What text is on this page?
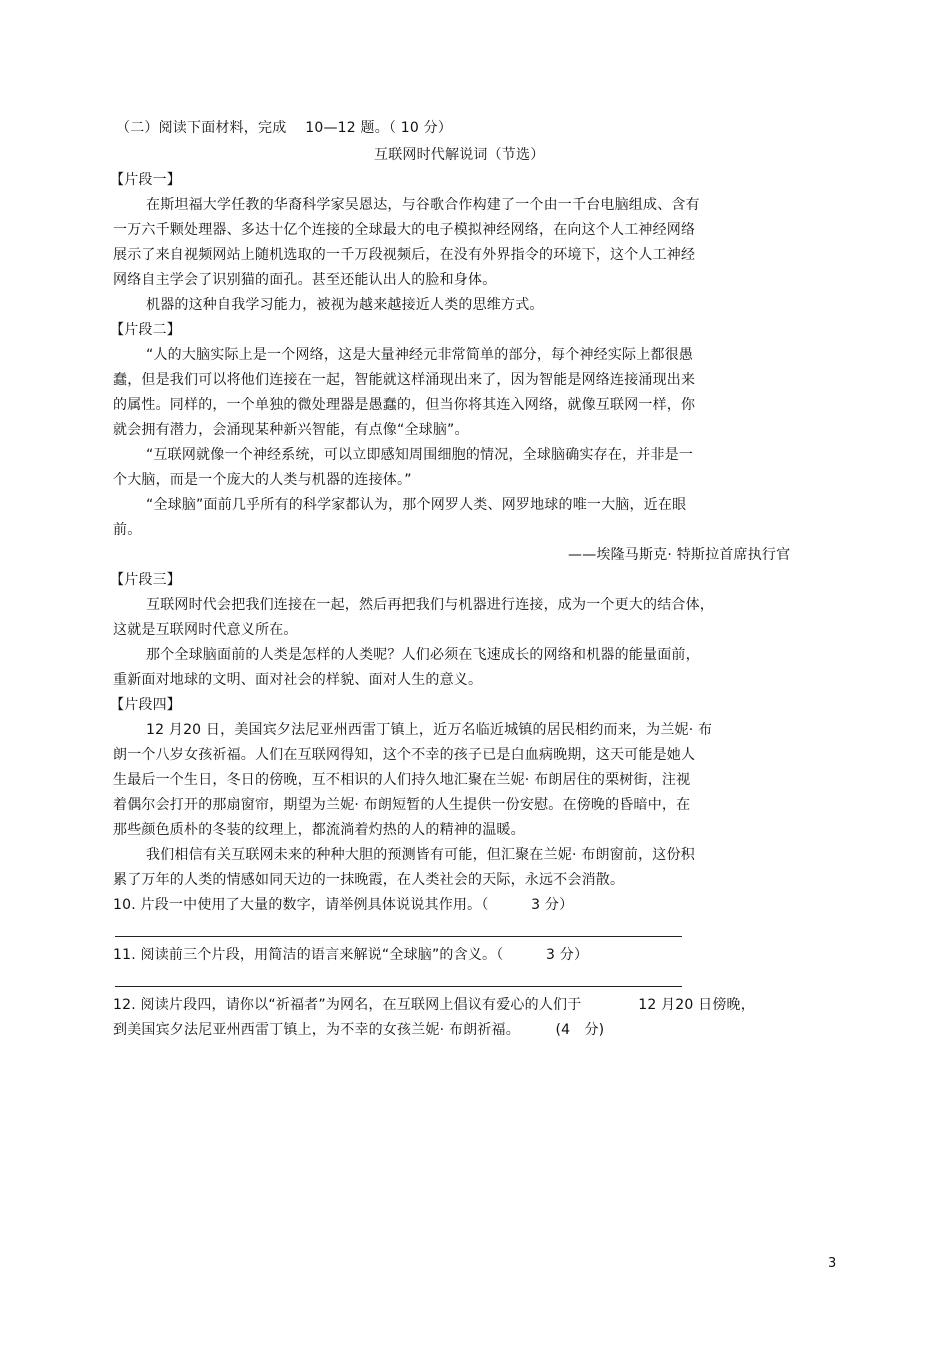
（二）阅读下面材料，完成　 10—12 题。（ 10 分）
互联网时代解说词（节选）
【片段一】
在斯坦福大学任教的华裔科学家吴恩达，与谷歌合作构建了一个由一千台电脑组成、含有
一万六千颗处理器、多达十亿个连接的全球最大的电子模拟神经网络，在向这个人工神经网络
展示了来自视频网站上随机选取的一千万段视频后，在没有外界指令的环境下，这个人工神经
网络自主学会了识别猫的面孔。甚至还能认出人的脸和身体。
机器的这种自我学习能力，被视为越来越接近人类的思维方式。
【片段二】
“人的大脑实际上是一个网络，这是大量神经元非常简单的部分，每个神经实际上都很愚
蠢，但是我们可以将他们连接在一起，智能就这样涌现出来了，因为智能是网络连接涌现出来
的属性。同样的，一个单独的微处理器是愚蠢的，但当你将其连入网络，就像互联网一样，你
就会拥有潜力，会涌现某种新兴智能，有点像“全球脑”。
“互联网就像一个神经系统，可以立即感知周围细胞的情况，全球脑确实存在，并非是一
个大脑，而是一个庞大的人类与机器的连接体。”
“全球脑”面前几乎所有的科学家都认为，那个网罗人类、网罗地球的唯一大脑，近在眼
前。
——埃隆马斯克· 特斯拉首席执行官
【片段三】
互联网时代会把我们连接在一起，然后再把我们与机器进行连接，成为一个更大的结合体，
这就是互联网时代意义所在。
那个全球脑面前的人类是怎样的人类呢？人们必须在飞速成长的网络和机器的能量面前，
重新面对地球的文明、面对社会的样貌、面对人生的意义。
【片段四】
12 月20 日，美国宾夕法尼亚州西雷丁镇上，近万名临近城镇的居民相约而来，为兰妮· 布
朗一个八岁女孩祈福。人们在互联网得知，这个不幸的孩子已是白血病晚期，这天可能是她人
生最后一个生日，冬日的傍晚，互不相识的人们持久地汇聚在兰妮· 布朗居住的栗树街，注视
着偶尔会打开的那扇窗帘，期望为兰妮· 布朗短暂的人生提供一份安慰。在傍晚的昏暗中，在
那些颜色质朴的冬装的纹理上，都流淌着灼热的人的精神的温暖。
我们相信有关互联网未来的种种大胆的预测皆有可能，但汇聚在兰妮· 布朗窗前，这份积
累了万年的人类的情感如同天边的一抹晚霞，在人类社会的天际，永远不会消散。
10. 片段一中使用了大量的数字，请举例具体说说其作用。（　　　3 分）
11. 阅读前三个片段，用简洁的语言来解说“全球脑”的含义。（　　　3 分）
12. 阅读片段四，请你以“祈福者”为网名，在互联网上倡议有爱心的人们于　　　　12 月20 日傍晚，
到美国宾夕法尼亚州西雷丁镇上，为不幸的女孩兰妮· 布朗祈福。　　　(4　分)
3
